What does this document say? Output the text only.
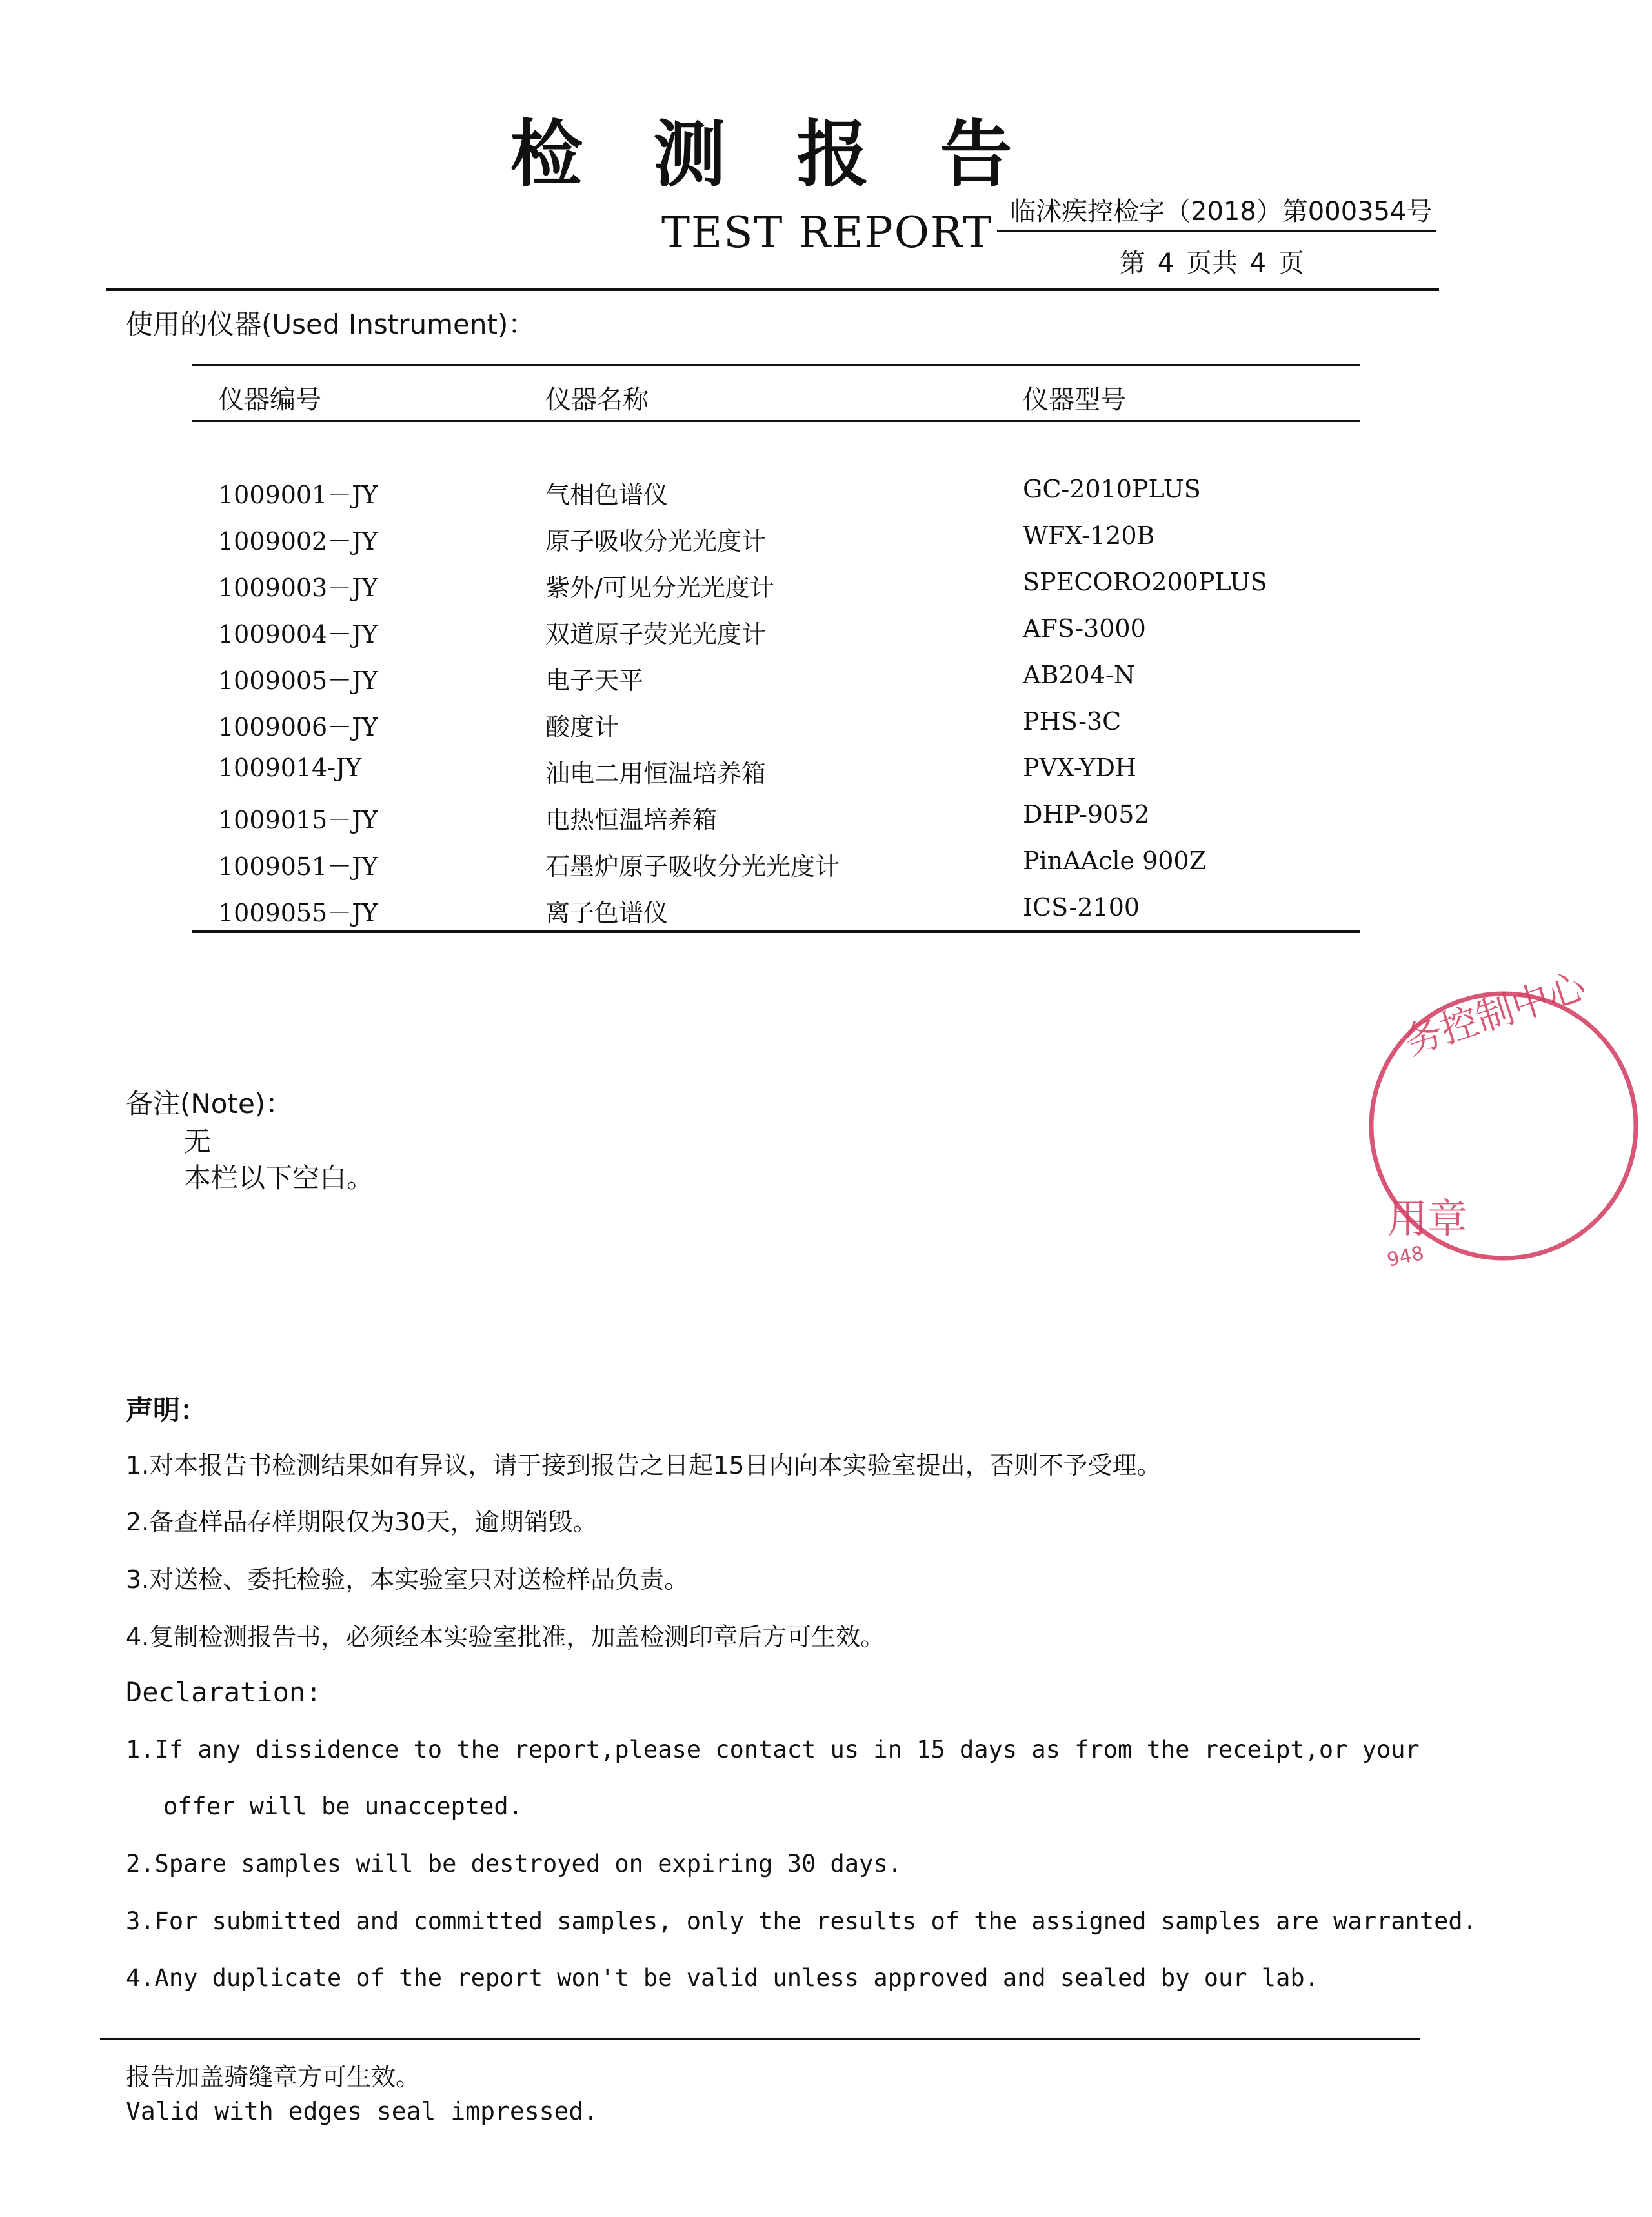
检测报告
TEST REPORT 临沭疾控检字（2018）第000354号
第 4 页共 4 页
使用的仪器(Used Instrument)：
仪器编号	仪器名称	仪器型号
1009001－JY	气相色谱仪	GC-2010PLUS
1009002－JY	原子吸收分光光度计	WFX-120B
1009003－JY	紫外/可见分光光度计	SPECORO200PLUS
1009004－JY	双道原子荧光光度计	AFS-3000
1009005－JY	电子天平	AB204-N
1009006－JY	酸度计	PHS-3C
1009014-JY	油电二用恒温培养箱	PVX-YDH
1009015－JY	电热恒温培养箱	DHP-9052
1009051－JY	石墨炉原子吸收分光光度计	PinAAcle 900Z
1009055－JY	离子色谱仪	ICS-2100
备注(Note)：
无
本栏以下空白。
声明：
1.对本报告书检测结果如有异议，请于接到报告之日起15日内向本实验室提出，否则不予受理。
2.备查样品存样期限仅为30天，逾期销毁。
3.对送检、委托检验，本实验室只对送检样品负责。
4.复制检测报告书，必须经本实验室批准，加盖检测印章后方可生效。
Declaration:
1.If any dissidence to the report,please contact us in 15 days as from the receipt,or your
offer will be unaccepted.
2.Spare samples will be destroyed on expiring 30 days.
3.For submitted and committed samples, only the results of the assigned samples are warranted.
4.Any duplicate of the report won't be valid unless approved and sealed by our lab.
报告加盖骑缝章方可生效。
Valid with edges seal impressed.
务控制中心
用章
948
